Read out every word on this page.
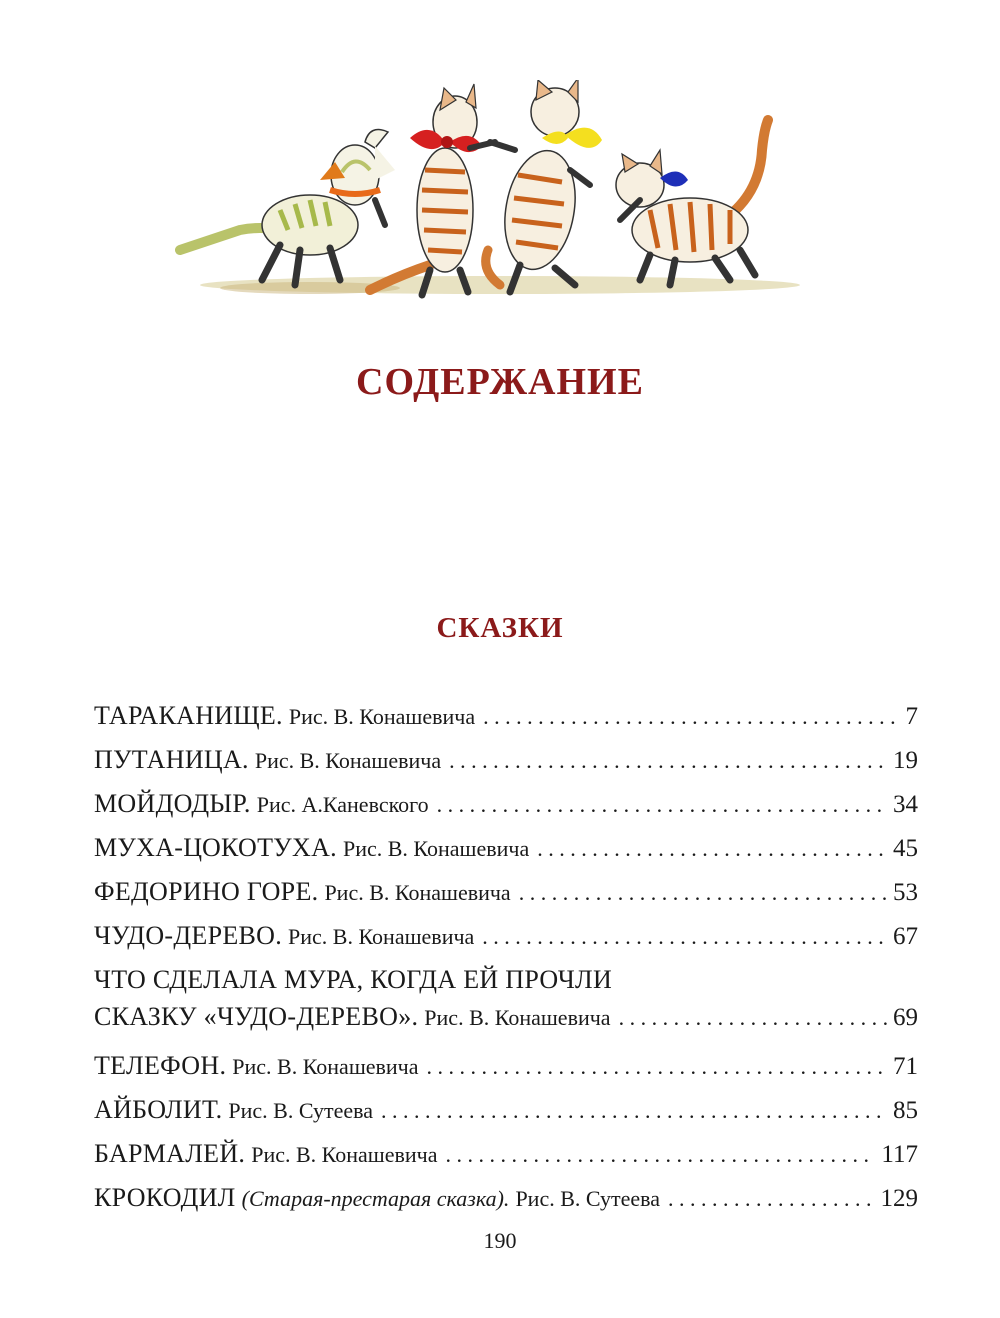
СОДЕРЖАНИЕ
СКАЗКИ
ТАРАКАНИЩЕ. Рис. В. Конашевича . . .	7
ПУТАНИЦА. Рис. В. Конашевича . . .	19
МОЙДОДЫР. Рис. А.Каневского . . .	34
МУХА-ЦОКОТУХА. Рис. В. Конашевича . . .	45
ФЕДОРИНО ГОРЕ. Рис. В. Конашевича . . .	53
ЧУДО-ДЕРЕВО. Рис. В. Конашевича . . .	67
ЧТО СДЕЛАЛА МУРА, КОГДА ЕЙ ПРОЧЛИ
СКАЗКУ «ЧУДО-ДЕРЕВО». Рис. В. Конашевича . . .	69
ТЕЛЕФОН. Рис. В. Конашевича . . .	71
АЙБОЛИТ. Рис. В. Сутеева . . .	85
БАРМАЛЕЙ. Рис. В. Конашевича . . .	117
КРОКОДИЛ (Старая-престарая сказка). Рис. В. Сутеева . . .	129
190
